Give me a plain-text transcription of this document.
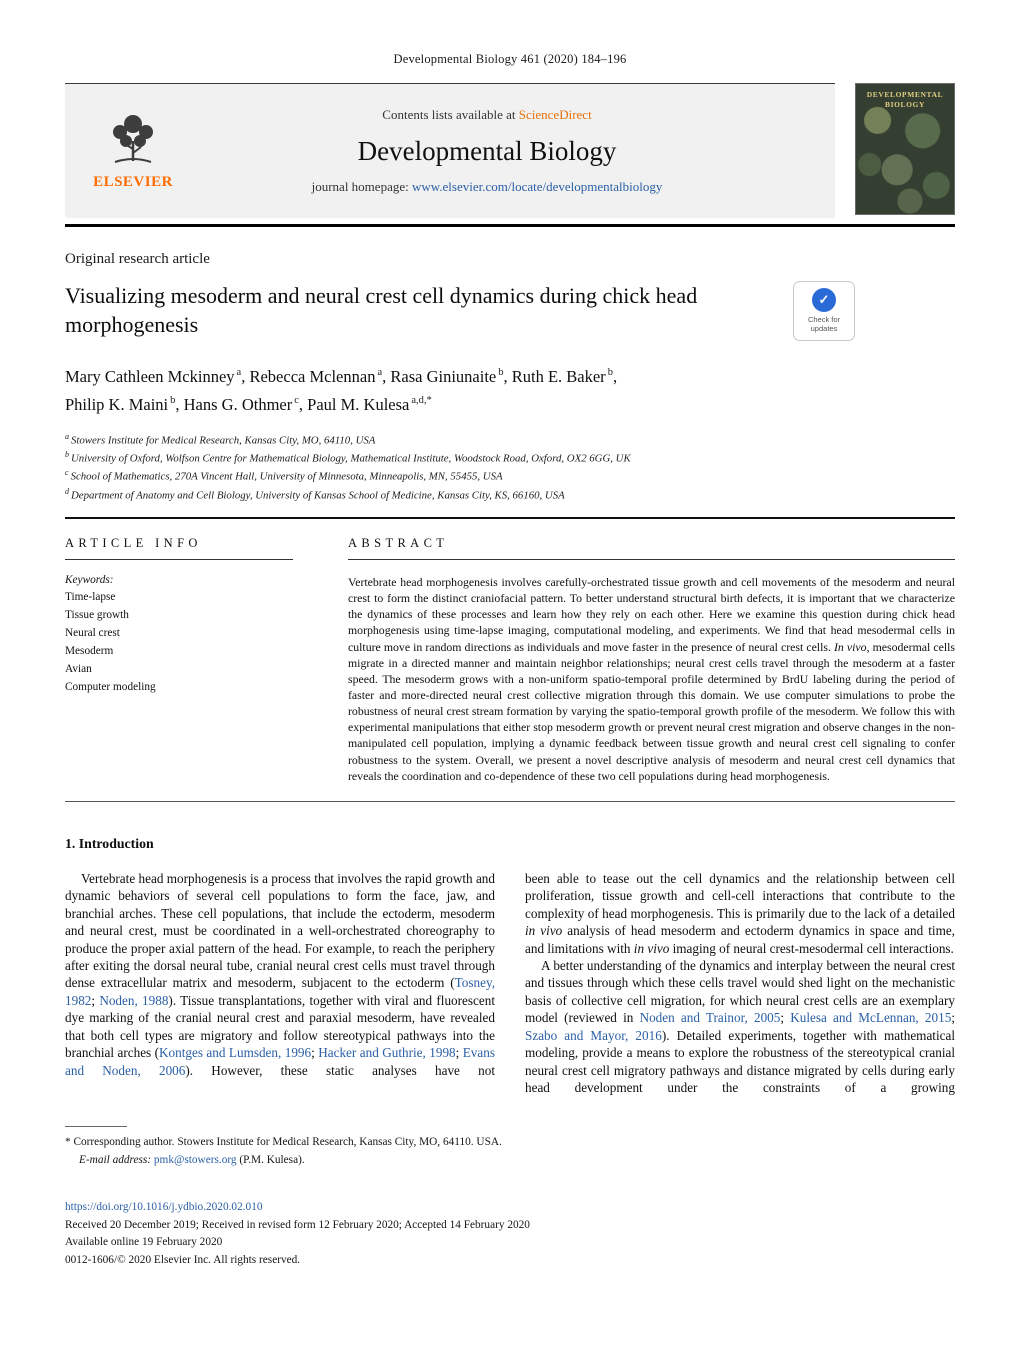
Developmental Biology 461 (2020) 184–196
ELSEVIER
Contents lists available at ScienceDirect
Developmental Biology
journal homepage: www.elsevier.com/locate/developmentalbiology
DEVELOPMENTAL BIOLOGY
Original research article
Visualizing mesoderm and neural crest cell dynamics during chick head morphogenesis
✓
Check for updates
Mary Cathleen Mckinney $^a$, Rebecca Mclennan $^a$, Rasa Giniunaite $^b$, Ruth E. Baker $^b$,
Philip K. Maini $^b$, Hans G. Othmer $^c$, Paul M. Kulesa $^{a,d,*}$
$^a$ Stowers Institute for Medical Research, Kansas City, MO, 64110, USA
$^b$ University of Oxford, Wolfson Centre for Mathematical Biology, Mathematical Institute, Woodstock Road, Oxford, OX2 6GG, UK
$^c$ School of Mathematics, 270A Vincent Hall, University of Minnesota, Minneapolis, MN, 55455, USA
$^d$ Department of Anatomy and Cell Biology, University of Kansas School of Medicine, Kansas City, KS, 66160, USA
ARTICLE INFO
Keywords:
Time-lapse
Tissue growth
Neural crest
Mesoderm
Avian
Computer modeling
ABSTRACT
Vertebrate head morphogenesis involves carefully-orchestrated tissue growth and cell movements of the mesoderm and neural crest to form the distinct craniofacial pattern. To better understand structural birth defects, it is important that we characterize the dynamics of these processes and learn how they rely on each other. Here we examine this question during chick head morphogenesis using time-lapse imaging, computational modeling, and experiments. We find that head mesodermal cells in culture move in random directions as individuals and move faster in the presence of neural crest cells. In vivo, mesodermal cells migrate in a directed manner and maintain neighbor relationships; neural crest cells travel through the mesoderm at a faster speed. The mesoderm grows with a non-uniform spatio-temporal profile determined by BrdU labeling during the period of faster and more-directed neural crest collective migration through this domain. We use computer simulations to probe the robustness of neural crest stream formation by varying the spatio-temporal growth profile of the mesoderm. We follow this with experimental manipulations that either stop mesoderm growth or prevent neural crest migration and observe changes in the non-manipulated cell population, implying a dynamic feedback between tissue growth and neural crest cell signaling to confer robustness to the system. Overall, we present a novel descriptive analysis of mesoderm and neural crest cell dynamics that reveals the coordination and co-dependence of these two cell populations during head morphogenesis.
1. Introduction

Vertebrate head morphogenesis is a process that involves the rapid growth and dynamic behaviors of several cell populations to form the face, jaw, and branchial arches. These cell populations, that include the ectoderm, mesoderm and neural crest, must be coordinated in a well-orchestrated choreography to produce the proper axial pattern of the head. For example, to reach the periphery after exiting the dorsal neural tube, cranial neural crest cells must travel through dense extracellular matrix and mesoderm, subjacent to the ectoderm (Tosney, 1982; Noden, 1988). Tissue transplantations, together with viral and fluorescent dye marking of the cranial neural crest and paraxial mesoderm, have revealed that both cell types are migratory and follow stereotypical pathways into the branchial arches (Kontges and Lumsden, 1996; Hacker and Guthrie, 1998; Evans and Noden, 2006). However, these static analyses have not

been able to tease out the cell dynamics and the relationship between cell proliferation, tissue growth and cell-cell interactions that contribute to the complexity of head morphogenesis. This is primarily due to the lack of a detailed in vivo analysis of head mesoderm and ectoderm dynamics in space and time, and limitations with in vivo imaging of neural crest-mesodermal cell interactions.

A better understanding of the dynamics and interplay between the neural crest and tissues through which these cells travel would shed light on the mechanistic basis of collective cell migration, for which neural crest cells are an exemplary model (reviewed in Noden and Trainor, 2005; Kulesa and McLennan, 2015; Szabo and Mayor, 2016). Detailed experiments, together with mathematical modeling, provide a means to explore the robustness of the stereotypical cranial neural crest cell migratory pathways and distance migrated by cells during early head development under the constraints of a growing

* Corresponding author. Stowers Institute for Medical Research, Kansas City, MO, 64110. USA.
E-mail address: pmk@stowers.org (P.M. Kulesa).
https://doi.org/10.1016/j.ydbio.2020.02.010
Received 20 December 2019; Received in revised form 12 February 2020; Accepted 14 February 2020
Available online 19 February 2020
0012-1606/© 2020 Elsevier Inc. All rights reserved.
